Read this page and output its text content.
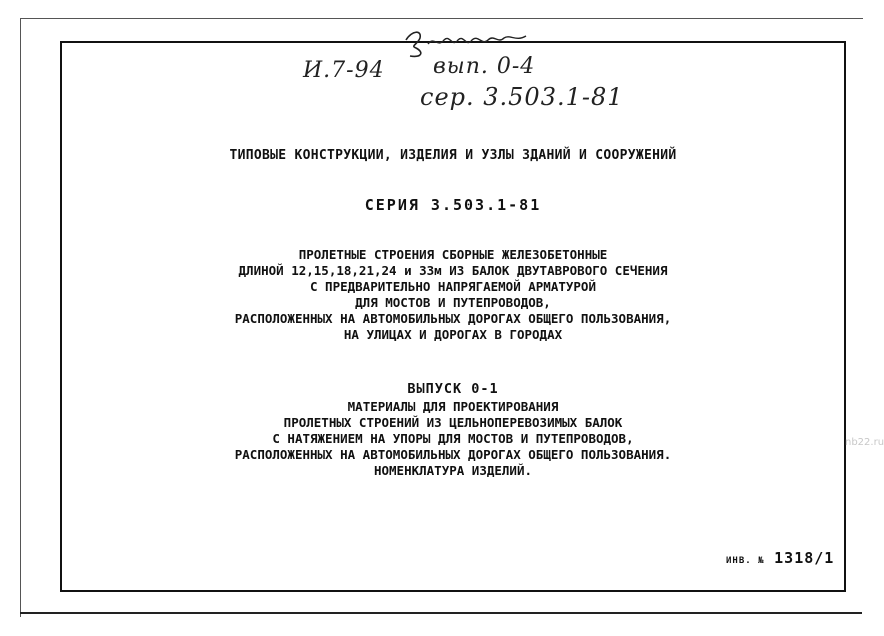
И.7-94 вып. 0-4
сер. 3.503.1-81
ТИПОВЫЕ КОНСТРУКЦИИ, ИЗДЕЛИЯ И УЗЛЫ ЗДАНИЙ И СООРУЖЕНИЙ
СЕРИЯ 3.503.1-81
ПРОЛЕТНЫЕ СТРОЕНИЯ СБОРНЫЕ ЖЕЛЕЗОБЕТОННЫЕ
ДЛИНОЙ 12,15,18,21,24 и 33м ИЗ БАЛОК ДВУТАВРОВОГО СЕЧЕНИЯ
С ПРЕДВАРИТЕЛЬНО НАПРЯГАЕМОЙ АРМАТУРОЙ
ДЛЯ МОСТОВ И ПУТЕПРОВОДОВ,
РАСПОЛОЖЕННЫХ НА АВТОМОБИЛЬНЫХ ДОРОГАХ ОБЩЕГО ПОЛЬЗОВАНИЯ,
НА УЛИЦАХ И ДОРОГАХ В ГОРОДАХ
ВЫПУСК 0-1
МАТЕРИАЛЫ ДЛЯ ПРОЕКТИРОВАНИЯ
ПРОЛЕТНЫХ СТРОЕНИЙ ИЗ ЦЕЛЬНОПЕРЕВОЗИМЫХ БАЛОК
С НАТЯЖЕНИЕМ НА УПОРЫ ДЛЯ МОСТОВ И ПУТЕПРОВОДОВ,
РАСПОЛОЖЕННЫХ НА АВТОМОБИЛЬНЫХ ДОРОГАХ ОБЩЕГО ПОЛЬЗОВАНИЯ.
НОМЕНКЛАТУРА ИЗДЕЛИЙ.
ИНВ. № 1318/1
nb22.ru
